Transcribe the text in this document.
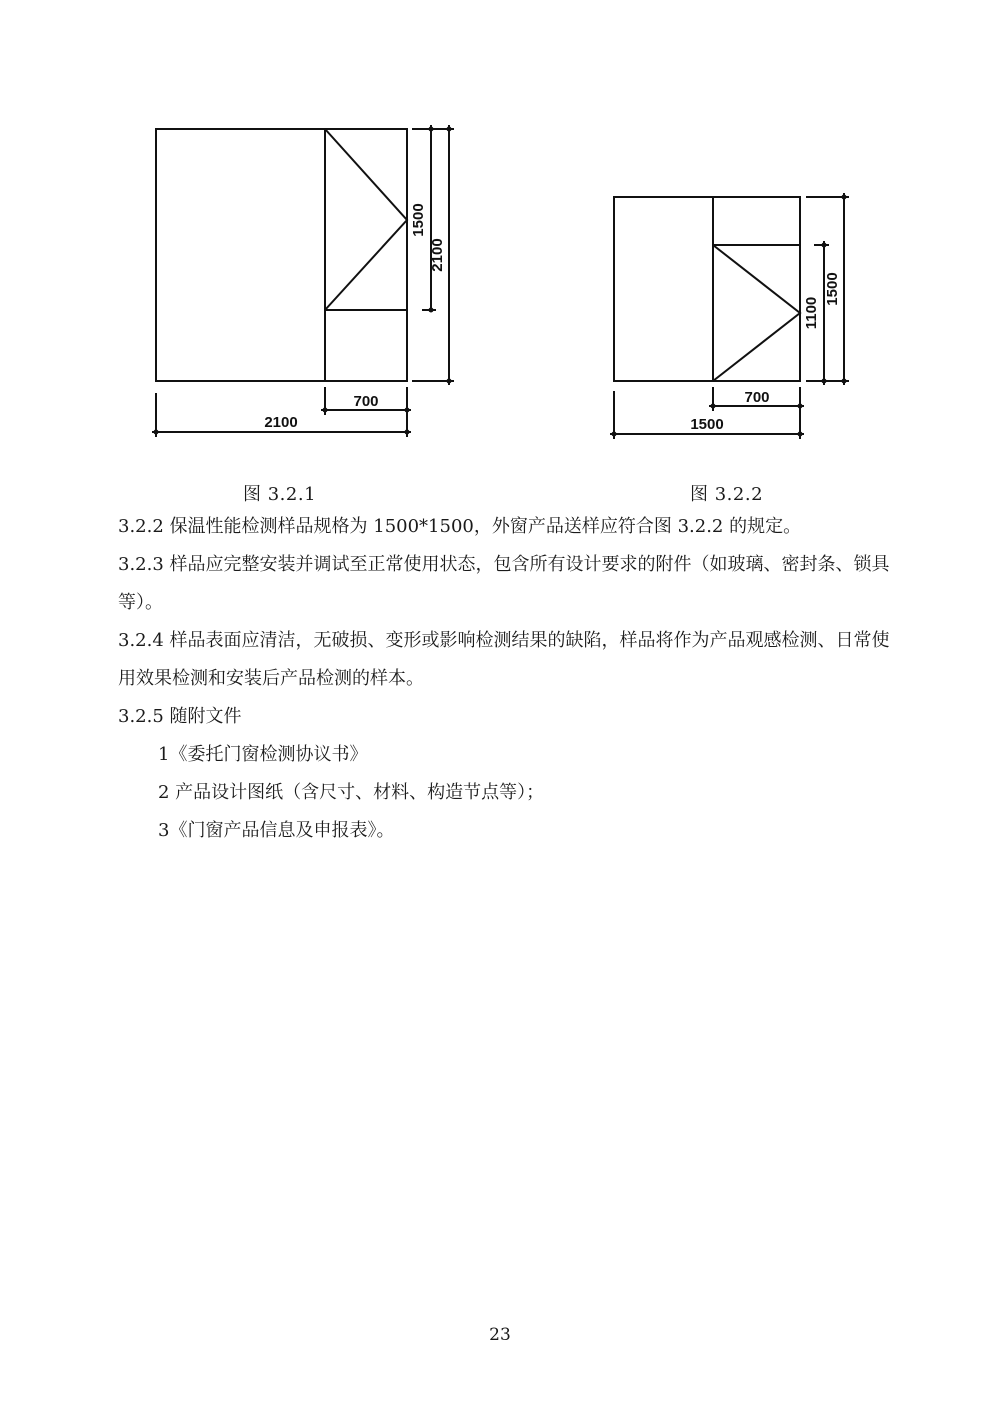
1500
2100
700
2100
1100
1500
700
1500
图 3.2.1	图 3.2.2

3.2.2 保温性能检测样品规格为 1500*1500，外窗产品送样应符合图 3.2.2 的规定。

3.2.3 样品应完整安装并调试至正常使用状态，包含所有设计要求的附件（如玻璃、密封条、锁具等）。

3.2.4 样品表面应清洁，无破损、变形或影响检测结果的缺陷，样品将作为产品观感检测、日常使用效果检测和安装后产品检测的样本。

3.2.5 随附文件

1《委托门窗检测协议书》

2 产品设计图纸（含尺寸、材料、构造节点等）；

3《门窗产品信息及申报表》。

23
